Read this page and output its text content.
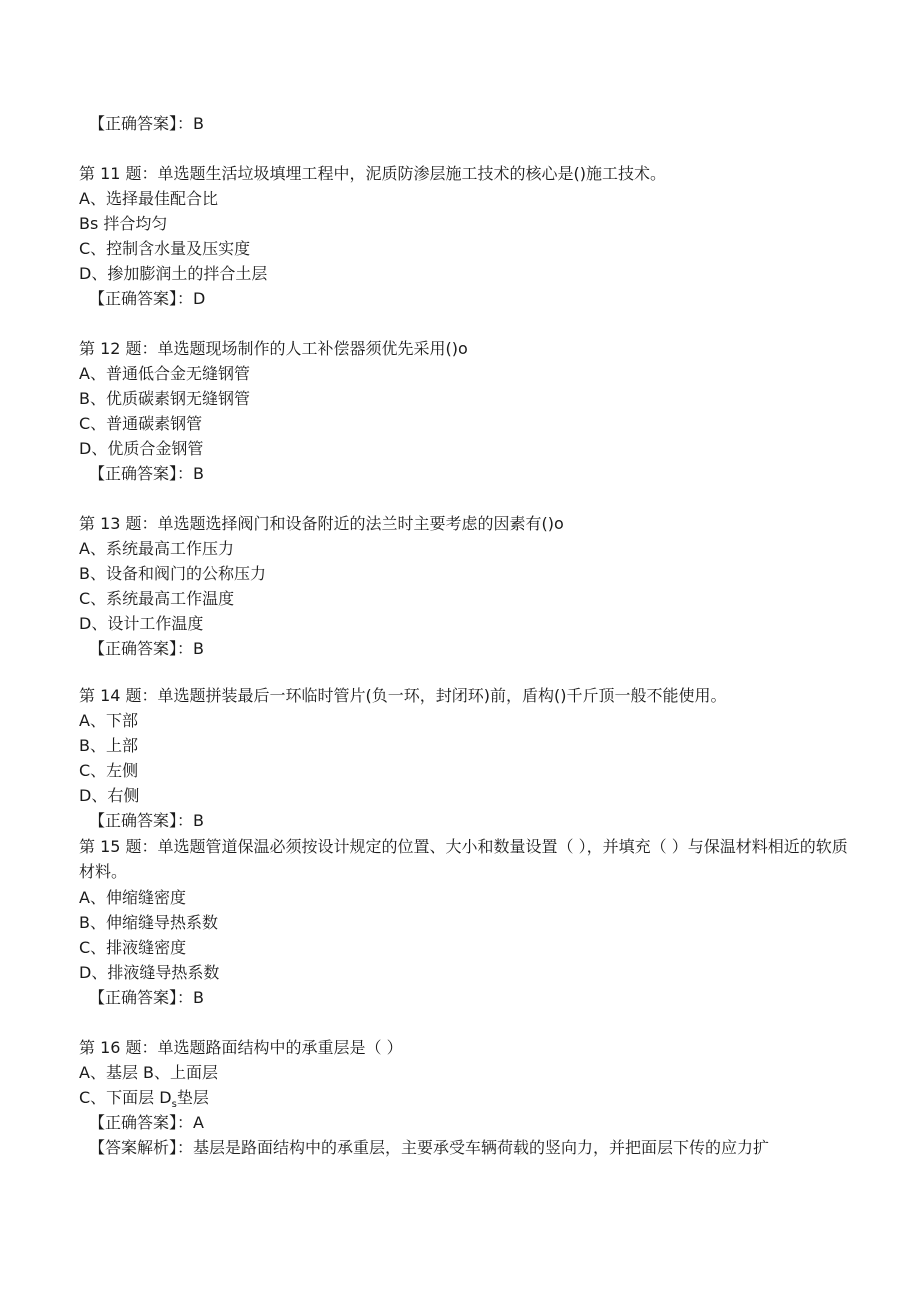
【正确答案】：B
第 11 题：单选题生活垃圾填埋工程中，泥质防渗层施工技术的核心是()施工技术。
A、选择最佳配合比
Bs 拌合均匀
C、控制含水量及压实度
D、掺加膨润土的拌合土层
【正确答案】：D
第 12 题：单选题现场制作的人工补偿器须优先采用()o
A、普通低合金无缝钢管
B、优质碳素钢无缝钢管
C、普通碳素钢管
D、优质合金钢管
【正确答案】：B
第 13 题：单选题选择阀门和设备附近的法兰时主要考虑的因素有()o
A、系统最高工作压力
B、设备和阀门的公称压力
C、系统最高工作温度
D、设计工作温度
【正确答案】：B
第 14 题：单选题拼装最后一环临时管片(负一环，封闭环)前，盾构()千斤顶一般不能使用。
A、下部
B、上部
C、左侧
D、右侧
【正确答案】：B
第 15 题：单选题管道保温必须按设计规定的位置、大小和数量设置（ ），并填充（ ）与保温材料相近的软质材料。
A、伸缩缝密度
B、伸缩缝导热系数
C、排液缝密度
D、排液缝导热系数
【正确答案】：B
第 16 题：单选题路面结构中的承重层是（ ）
A、基层 B、上面层
C、下面层 $D_s$垫层
【正确答案】：A
【答案解析】：基层是路面结构中的承重层，主要承受车辆荷载的竖向力，并把面层下传的应力扩
